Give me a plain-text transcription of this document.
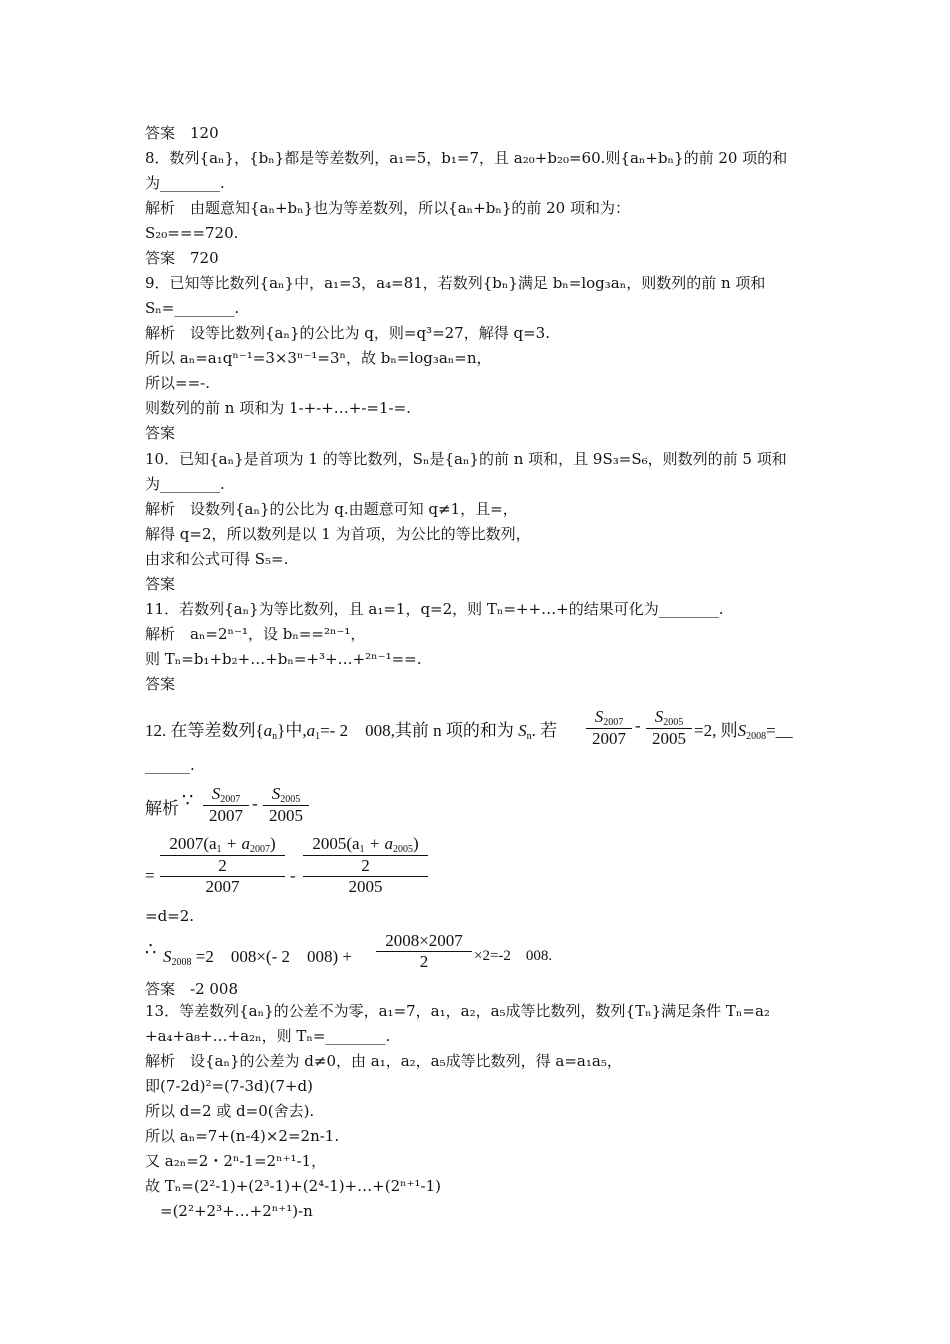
答案　120
8．数列{aₙ}，{bₙ}都是等差数列，a₁=5，b₁=7，且 a₂₀+b₂₀=60.则{aₙ+bₙ}的前 20 项的和
为________.
解析　由题意知{aₙ+bₙ}也为等差数列，所以{aₙ+bₙ}的前 20 项和为：
S₂₀===720.
答案　720
9．已知等比数列{aₙ}中，a₁=3，a₄=81，若数列{bₙ}满足 bₙ=log₃aₙ，则数列的前 n 项和
Sₙ=________.
解析　设等比数列{aₙ}的公比为 q，则=q³=27，解得 q=3.
所以 aₙ=a₁qⁿ⁻¹=3×3ⁿ⁻¹=3ⁿ，故 bₙ=log₃aₙ=n，
所以==-.
则数列的前 n 项和为 1-+-+…+-=1-=.
答案
10．已知{aₙ}是首项为 1 的等比数列，Sₙ是{aₙ}的前 n 项和，且 9S₃=S₆，则数列的前 5 项和
为________.
解析　设数列{aₙ}的公比为 q.由题意可知 q≠1，且=，
解得 q=2，所以数列是以 1 为首项，为公比的等比数列，
由求和公式可得 S₅=.
答案
11．若数列{aₙ}为等比数列，且 a₁=1，q=2，则 Tₙ=++…+的结果可化为________.
解析　aₙ=2ⁿ⁻¹，设 bₙ==²ⁿ⁻¹，
则 Tₙ=b₁+b₂+…+bₙ=+³+…+²ⁿ⁻¹==.
答案
12. 在等差数列$\{a_n\}$中$,a_1=-$ 2　008,其前 n 项的和为 $S_n$. 若 $\frac{S_{2007}}{2007} - \frac{S_{2005}}{2005} =2$, 则$S_{2008}=\_\_$
______.
解析 ∵ $\frac{S_{2007}}{2007} - \frac{S_{2005}}{2005}$
=
$2007(a_1 + a_{2007})$
2
2007
-
$2005(a_1 + a_{2005})$
2
2005
=d=2.
∴ $S_{2008} =2$　008×(- 2　$008) + \frac{2008\times 2007}{2} \times 2=-2$　008.
答案　-2 008
13．等差数列{aₙ}的公差不为零，a₁=7，a₁，a₂，a₅成等比数列，数列{Tₙ}满足条件 Tₙ=a₂
+a₄+a₈+…+a₂ₙ，则 Tₙ=________.
解析　设{aₙ}的公差为 d≠0，由 a₁，a₂，a₅成等比数列，得 a=a₁a₅，
即(7-2d)²=(7-3d)(7+d)
所以 d=2 或 d=0(舍去).
所以 aₙ=7+(n-4)×2=2n-1.
又 a₂ₙ=2・2ⁿ-1=2ⁿ⁺¹-1，
故 Tₙ=(2²-1)+(2³-1)+(2⁴-1)+…+(2ⁿ⁺¹-1)
　=(2²+2³+…+2ⁿ⁺¹)-n
